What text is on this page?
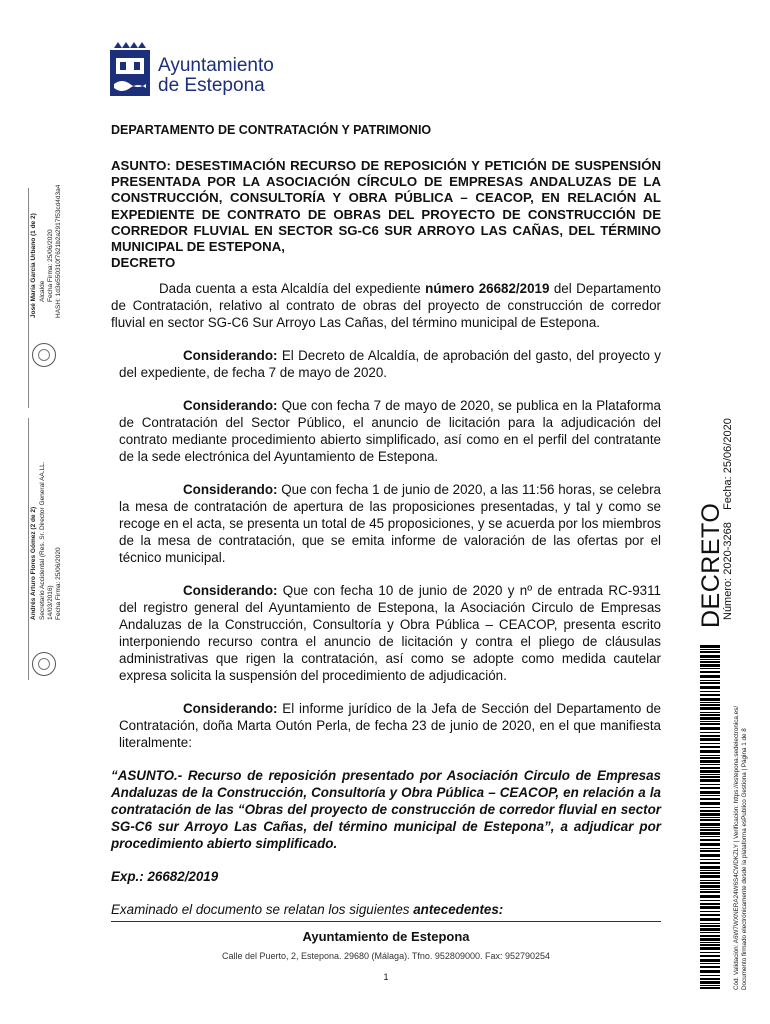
Ayuntamiento
de Estepona
DEPARTAMENTO DE CONTRATACIÓN Y PATRIMONIO
ASUNTO: DESESTIMACIÓN RECURSO DE REPOSICIÓN Y PETICIÓN DE SUSPENSIÓN PRESENTADA POR LA ASOCIACIÓN CÍRCULO DE EMPRESAS ANDALUZAS DE LA CONSTRUCCIÓN, CONSULTORÍA Y OBRA PÚBLICA – CEACOP, EN RELACIÓN AL EXPEDIENTE DE CONTRATO DE OBRAS DEL PROYECTO DE CONSTRUCCIÓN DE CORREDOR FLUVIAL EN SECTOR SG-C6 SUR ARROYO LAS CAÑAS, DEL TÉRMINO MUNICIPAL DE ESTEPONA,
DECRETO

Dada cuenta a esta Alcaldía del expediente número 26682/2019 del Departamento de Contratación, relativo al contrato de obras del proyecto de construcción de corredor fluvial en sector SG-C6 Sur Arroyo Las Cañas, del término municipal de Estepona.

Considerando: El Decreto de Alcaldía, de aprobación del gasto, del proyecto y del expediente, de fecha 7 de mayo de 2020.

Considerando: Que con fecha 7 de mayo de 2020, se publica en la Plataforma de Contratación del Sector Público, el anuncio de licitación para la adjudicación del contrato mediante procedimiento abierto simplificado, así como en el perfil del contratante de la sede electrónica del Ayuntamiento de Estepona.

Considerando: Que con fecha 1 de junio de 2020, a las 11:56 horas, se celebra la mesa de contratación de apertura de las proposiciones presentadas, y tal y como se recoge en el acta, se presenta un total de 45 proposiciones, y se acuerda por los miembros de la mesa de contratación, que se emita informe de valoración de las ofertas por el técnico municipal.

Considerando: Que con fecha 10 de junio de 2020 y nº de entrada RC-9311 del registro general del Ayuntamiento de Estepona, la Asociación Circulo de Empresas Andaluzas de la Construcción, Consultoría y Obra Pública – CEACOP, presenta escrito interponiendo recurso contra el anuncio de licitación y contra el pliego de cláusulas administrativas que rigen la contratación, así como se adopte como medida cautelar expresa solicita la suspensión del procedimiento de adjudicación.

Considerando: El informe jurídico de la Jefa de Sección del Departamento de Contratación, doña Marta Outón Perla, de fecha 23 de junio de 2020, en el que manifiesta literalmente:

“ASUNTO.- Recurso de reposición presentado por Asociación Circulo de Empresas Andaluzas de la Construcción, Consultoría y Obra Pública – CEACOP, en relación a la contratación de las “Obras del proyecto de construcción de corredor fluvial en sector SG-C6 sur Arroyo Las Cañas, del término municipal de Estepona”, a adjudicar por procedimiento abierto simplificado.

Exp.: 26682/2019

Examinado el documento se relatan los siguientes antecedentes:

Ayuntamiento de Estepona
Calle del Puerto, 2, Estepona. 29680 (Málaga). Tfno. 952809000. Fax: 952790254
1
José María García Urbano (1 de 2) Alcalde Fecha Firma: 25/06/2020 HASH: 1d3e550310f7621b2a2917f53cd4d3a4
Andrés Arturo Flores Gómez (2 de 2) Secretario Accidental (Res. Sr. Director General AA.LL. 14/03/2016) Fecha Firma: 25/06/2020	DECRETO
Número: 2020-3268    Fecha: 25/06/2020
Cód. Validación: A6W7WXNERA24W6S4CWDKZLY | Verificación: https://estepona.sedelectronica.es/ Documento firmado electrónicamente desde la plataforma esPublico Gestiona | Página 1 de 8
